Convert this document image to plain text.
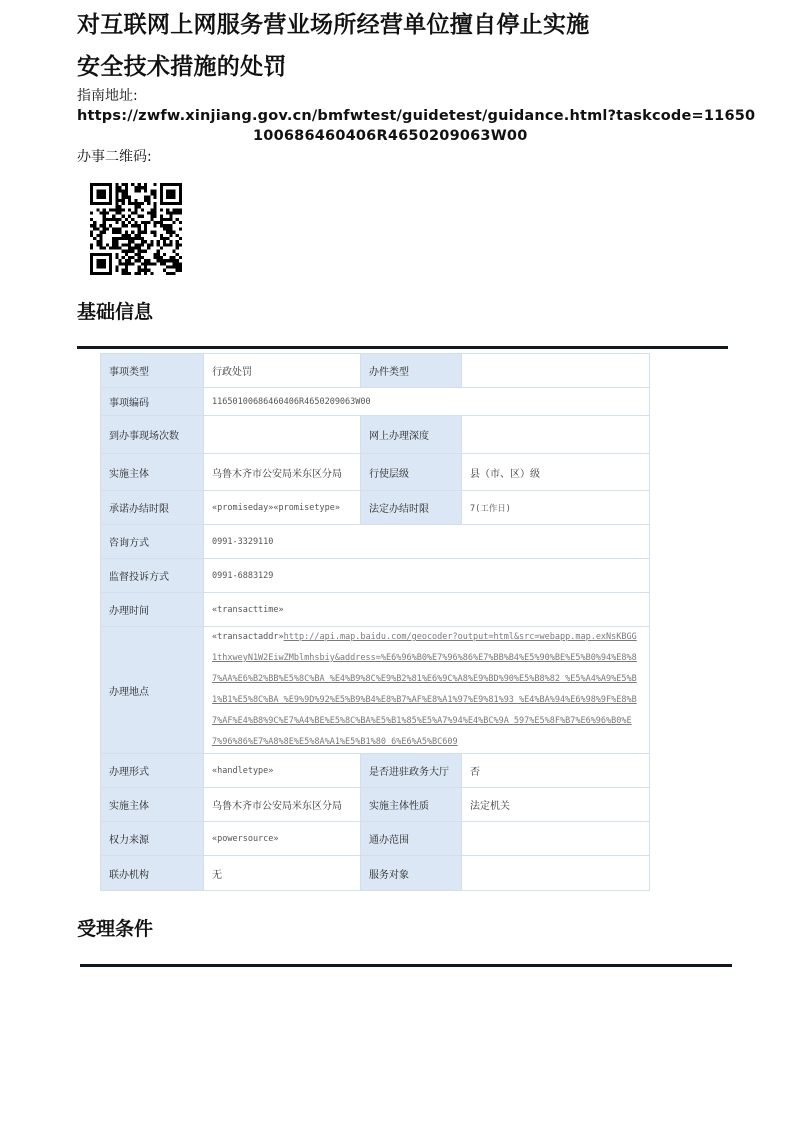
对互联网上网服务营业场所经营单位擅自停止实施
安全技术措施的处罚
指南地址:
https://zwfw.xinjiang.gov.cn/bmfwtest/guidetest/guidance.html?taskcode=11650
100686460406R4650209063W00
办事二维码:
基础信息
事项类型	行政处罚	办件类型	
事项编码	11650100686460406R4650209063W00		
到办事现场次数		网上办理深度	
实施主体	乌鲁木齐市公安局米东区分局	行使层级	县（市、区）级
承诺办结时限	«promiseday»«promisetype»	法定办结时限	7(工作日)
咨询方式	0991-3329110		
监督投诉方式	0991-6883129		
办理时间	«transacttime»		
办理地点	«transactaddr»http://api.map.baidu.com/geocoder?output=html&src=webapp.map.exNsKBGG1thxweyN1W2EiwZMblmhsbiy&address=%E6%96%B0%E7%96%86%E7%BB%B4%E5%90%BE%E5%B0%94%E8%87%AA%E6%B2%BB%E5%8C%BA %E4%B9%8C%E9%B2%81%E6%9C%A8%E9%BD%90%E5%B8%82 %E5%A4%A9%E5%B1%B1%E5%8C%BA %E9%9D%92%E5%B9%B4%E8%B7%AF%E8%A1%97%E9%81%93 %E4%BA%94%E6%98%9F%E8%B7%AF%E4%B8%9C%E7%A4%BE%E5%8C%BA%E5%B1%85%E5%A7%94%E4%BC%9A 597%E5%8F%B7%E6%96%B0%E7%96%86%E7%A8%8E%E5%8A%A1%E5%B1%80 6%E6%A5%BC609		
办理形式	«handletype»	是否进驻政务大厅	否
实施主体	乌鲁木齐市公安局米东区分局	实施主体性质	法定机关
权力来源	«powersource»	通办范围	
联办机构	无	服务对象	
受理条件
